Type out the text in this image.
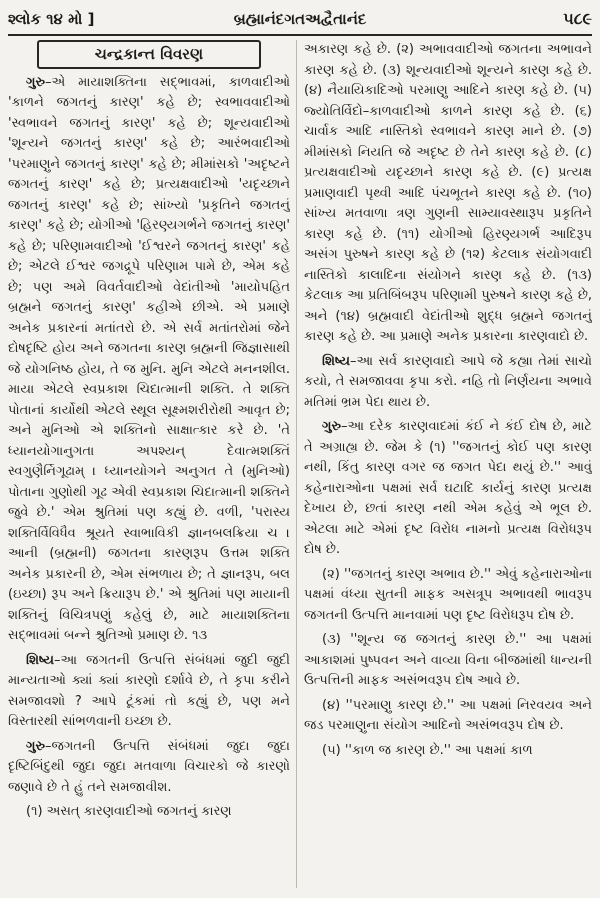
શ્લોક ૧૪ મો ]	બ્રહ્માનંદગતઅદ્વૈતાનંદ	૫૮૯
ચન્દ્રકાન્ત વિવરણ

ગુરુ–એ માયાશક્તિના સદ્ભાવમાં, કાળવાદીઓ 'કાળને જગતનું કારણ' કહે છે; સ્વભાવવાદીઓ 'સ્વભાવને જગતનું કારણ' કહે છે; શૂન્યવાદીઓ 'શૂન્યને જગતનું કારણ' કહે છે; આરંભવાદીઓ 'પરમાણુને જગતનું કારણ' કહે છે; મીમાંસકો 'અદૃષ્ટને જગતનું કારણ' કહે છે; પ્રત્યક્ષવાદીઓ 'યદૃચ્છાને જગતનું કારણ' કહે છે; સાંખ્યો 'પ્રકૃતિને જગતનું કારણ' કહે છે; યોગીઓ 'હિરણ્યગર્ભને જગતનું કારણ' કહે છે; પરિણામવાદીઓ 'ઈશ્વરને જગતનું કારણ' કહે છે; એટલે ઈશ્વર જગદ્રૂપે પરિણામ પામે છે, એમ કહે છે; પણ અમે વિવર્તવાદીઓ વેદાંતીઓ 'માયોપહિત બ્રહ્મને જગતનું કારણ' કહીએ છીએ. એ પ્રમાણે અનેક પ્રકારનાં મતાંતરો છે. એ સર્વ મતાંતરોમાં જેને દોષદૃષ્ટિ હોય અને જગતના કારણ બ્રહ્મની જિજ્ઞાસાથી જે યોગનિષ્ઠ હોય, તે જ મુનિ. મુનિ એટલે મનનશીલ. માયા એટલે સ્વપ્રકાશ ચિદાત્માની શક્તિ. તે શક્તિ પોતાનાં કાર્યોથી એટલે સ્થૂલ સૂક્ષ્મશરીરોથી આવૃત છે; અને મુનિઓ એ શક્તિનો સાક્ષાત્કાર કરે છે. 'તે ધ્યાનયોગાનુગતા અપશ્યન્ દેવાત્મશક્તિં સ્વગુણૈર્નિગૂઢામ્ । ધ્યાનયોગને અનુગત તે (મુનિઓ) પોતાના ગુણોથી ગૂઢ એવી સ્વપ્રકાશ ચિદાત્માની શક્તિને જુવે છે.' એમ શ્રુતિમાં પણ કહ્યું છે. વળી, 'પરાસ્ય શક્તિર્વિવિધૈવ શ્રૂયતે સ્વાભાવિકી જ્ઞાનબલક્રિયા ચ । આની (બ્રહ્મની) જગતના કારણરૂપ ઉત્તમ શક્તિ અનેક પ્રકારની છે, એમ સંભળાય છે; તે જ્ઞાનરૂપ, બલ (ઇચ્છા) રૂપ અને ક્રિયારૂપ છે.' એ શ્રુતિમાં પણ માયાની શક્તિનું વિચિત્રપણું કહેલું છે, માટે માયાશક્તિના સદ્ભાવમાં બન્ને શ્રુતિઓ પ્રમાણ છે. ૧૩

શિષ્ય–આ જગતની ઉત્પત્તિ સંબંધમાં જુદી જુદી માન્યતાઓ ક્યાં ક્યાં કારણો દર્શાવે છે, તે કૃપા કરીને સમજાવશો ? આપે ટૂંકમાં તો કહ્યું છે, પણ મને વિસ્તારથી સાંભળવાની ઇચ્છા છે.

ગુરુ–જગતની ઉત્પત્તિ સંબંધમાં જુદા જુદા દૃષ્ટિબિંદુથી જુદા જુદા મતવાળા વિચારકો જે કારણો જણાવે છે તે હું તને સમજાવીશ.

(૧) અસત્ કારણવાદીઓ જગતનું કારણ

અકારણ કહે છે. (૨) અભાવવાદીઓ જગતના અભાવને કારણ કહે છે. (૩) શૂન્યવાદીઓ શૂન્યને કારણ કહે છે. (૪) નૈયાયિકાદિઓ પરમાણુ આદિને કારણ કહે છે. (૫) જ્યોતિર્વિદો–કાળવાદીઓ કાળને કારણ કહે છે. (૬) ચાર્વાક આદિ નાસ્તિકો સ્વભાવને કારણ માને છે. (૭) મીમાંસકો નિયતિ જે અદૃષ્ટ છે તેને કારણ કહે છે. (૮) પ્રત્યક્ષવાદીઓ યદૃચ્છાને કારણ કહે છે. (૯) પ્રત્યક્ષ પ્રમાણવાદી પૃથ્વી આદિ પંચભૂતને કારણ કહે છે. (૧૦) સાંખ્ય મતવાળા ત્રણ ગુણની સામ્યાવસ્થારૂપ પ્રકૃતિને કારણ કહે છે. (૧૧) યોગીઓ હિરણ્યગર્ભ આદિરૂપ અસંગ પુરુષને કારણ કહે છે (૧૨) કેટલાક સંયોગવાદી નાસ્તિકો કાલાદિના સંયોગને કારણ કહે છે. (૧૩) કેટલાક આ પ્રતિબિંબરૂપ પરિણામી પુરુષને કારણ કહે છે, અને (૧૪) બ્રહ્મવાદી વેદાંતીઓ શુદ્ધ બ્રહ્મને જગતનું કારણ કહે છે. આ પ્રમાણે અનેક પ્રકારના કારણવાદો છે.

શિષ્ય–આ સર્વ કારણવાદો આપે જે કહ્યા તેમાં સાચો કયો, તે સમજાવવા કૃપા કરો. નહિ તો નિર્ણયના અભાવે મતિમાં ભ્રમ પેદા થાય છે.

ગુરુ–આ દરેક કારણવાદમાં કંઈ ને કંઈ દોષ છે, માટે તે અગ્રાહ્ય છે. જેમ કે (૧) ''જગતનું કોઈ પણ કારણ નથી, કિંતુ કારણ વગર જ જગત પેદા થયું છે.'' આવું કહેનારાઓના પક્ષમાં સર્વ ઘટાદિ કાર્યનું કારણ પ્રત્યક્ષ દેખાય છે, છતાં કારણ નથી એમ કહેવું એ ભૂલ છે. એટલા માટે એમાં દૃષ્ટ વિરોધ નામનો પ્રત્યક્ષ વિરોધરૂપ દોષ છે.

(૨) ''જગતનું કારણ અભાવ છે.'' એવું કહેનારાઓના પક્ષમાં વંધ્યા સુતની માફક અસત્રૂપ અભાવથી ભાવરૂપ જગતની ઉત્પત્તિ માનવામાં પણ દૃષ્ટ વિરોધરૂપ દોષ છે.

(૩) ''શૂન્ય જ જગતનું કારણ છે.'' આ પક્ષમાં આકાશમાં પુષ્પવન અને વાવ્યા વિના બીજમાંથી ધાન્યની ઉત્પત્તિની માફક અસંભવરૂપ દોષ આવે છે.

(૪) ''પરમાણુ કારણ છે.'' આ પક્ષમાં નિરવયવ અને જડ પરમાણુના સંયોગ આદિનો અસંભવરૂપ દોષ છે.

(૫) ''કાળ જ કારણ છે.'' આ પક્ષમાં કાળ
